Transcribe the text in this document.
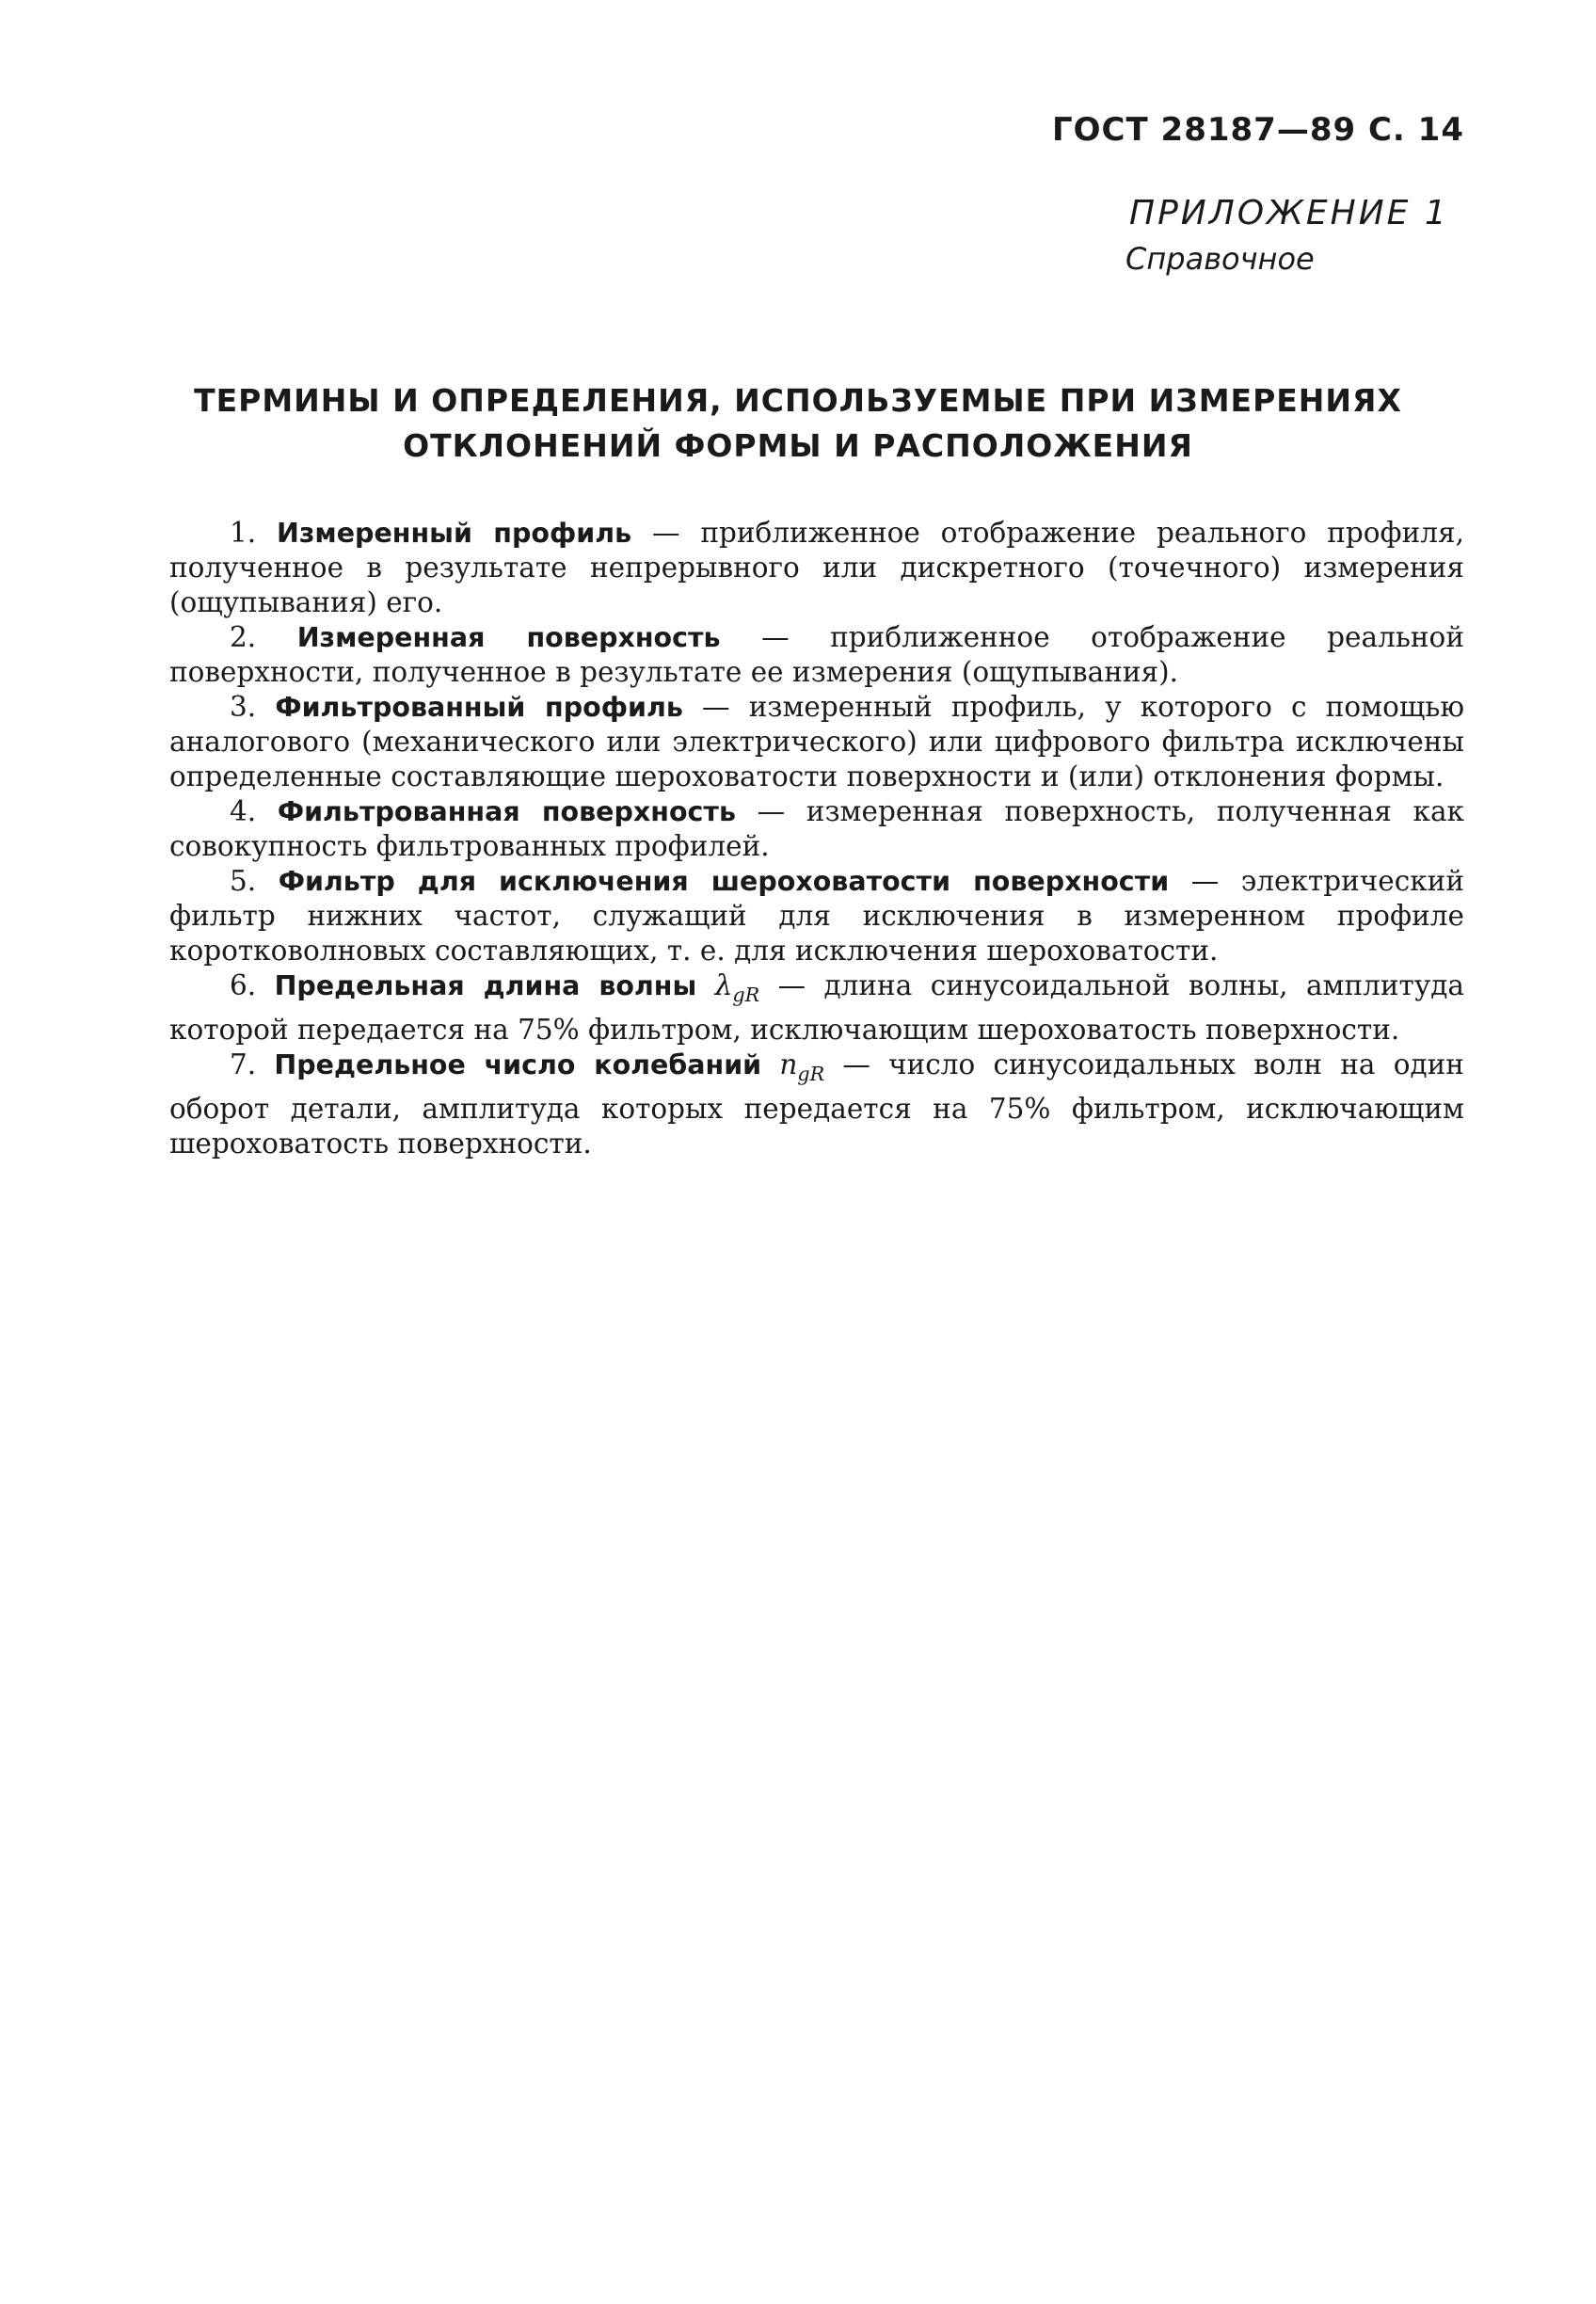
ГОСТ 28187—89 С. 14
ПРИЛОЖЕНИЕ 1
Справочное
ТЕРМИНЫ И ОПРЕДЕЛЕНИЯ, ИСПОЛЬЗУЕМЫЕ ПРИ ИЗМЕРЕНИЯХ
ОТКЛОНЕНИЙ ФОРМЫ И РАСПОЛОЖЕНИЯ

1. Измеренный профиль — приближенное отображение реального профиля, полученное в результате непрерывного или дискретного (точечного) измерения (ощупывания) его.

2. Измеренная поверхность — приближенное отображение реальной поверхности, полученное в результате ее измерения (ощупывания).

3. Фильтрованный профиль — измеренный профиль, у которого с помощью аналогового (механического или электрического) или цифрового фильтра исключены определенные составляющие шероховатости поверхности и (или) отклонения формы.

4. Фильтрованная поверхность — измеренная поверхность, полученная как совокупность фильтрованных профилей.

5. Фильтр для исключения шероховатости поверхности — электрический фильтр нижних частот, служащий для исключения в измеренном профиле коротковолновых составляющих, т. е. для исключения шероховатости.

6. Предельная длина волны $\lambda_{gR}$ — длина синусоидальной волны, амплитуда которой передается на 75% фильтром, исключающим шероховатость поверхности.

7. Предельное число колебаний $n_{gR}$ — число синусоидальных волн на один оборот детали, амплитуда которых передается на 75% фильтром, исключающим шероховатость поверхности.
